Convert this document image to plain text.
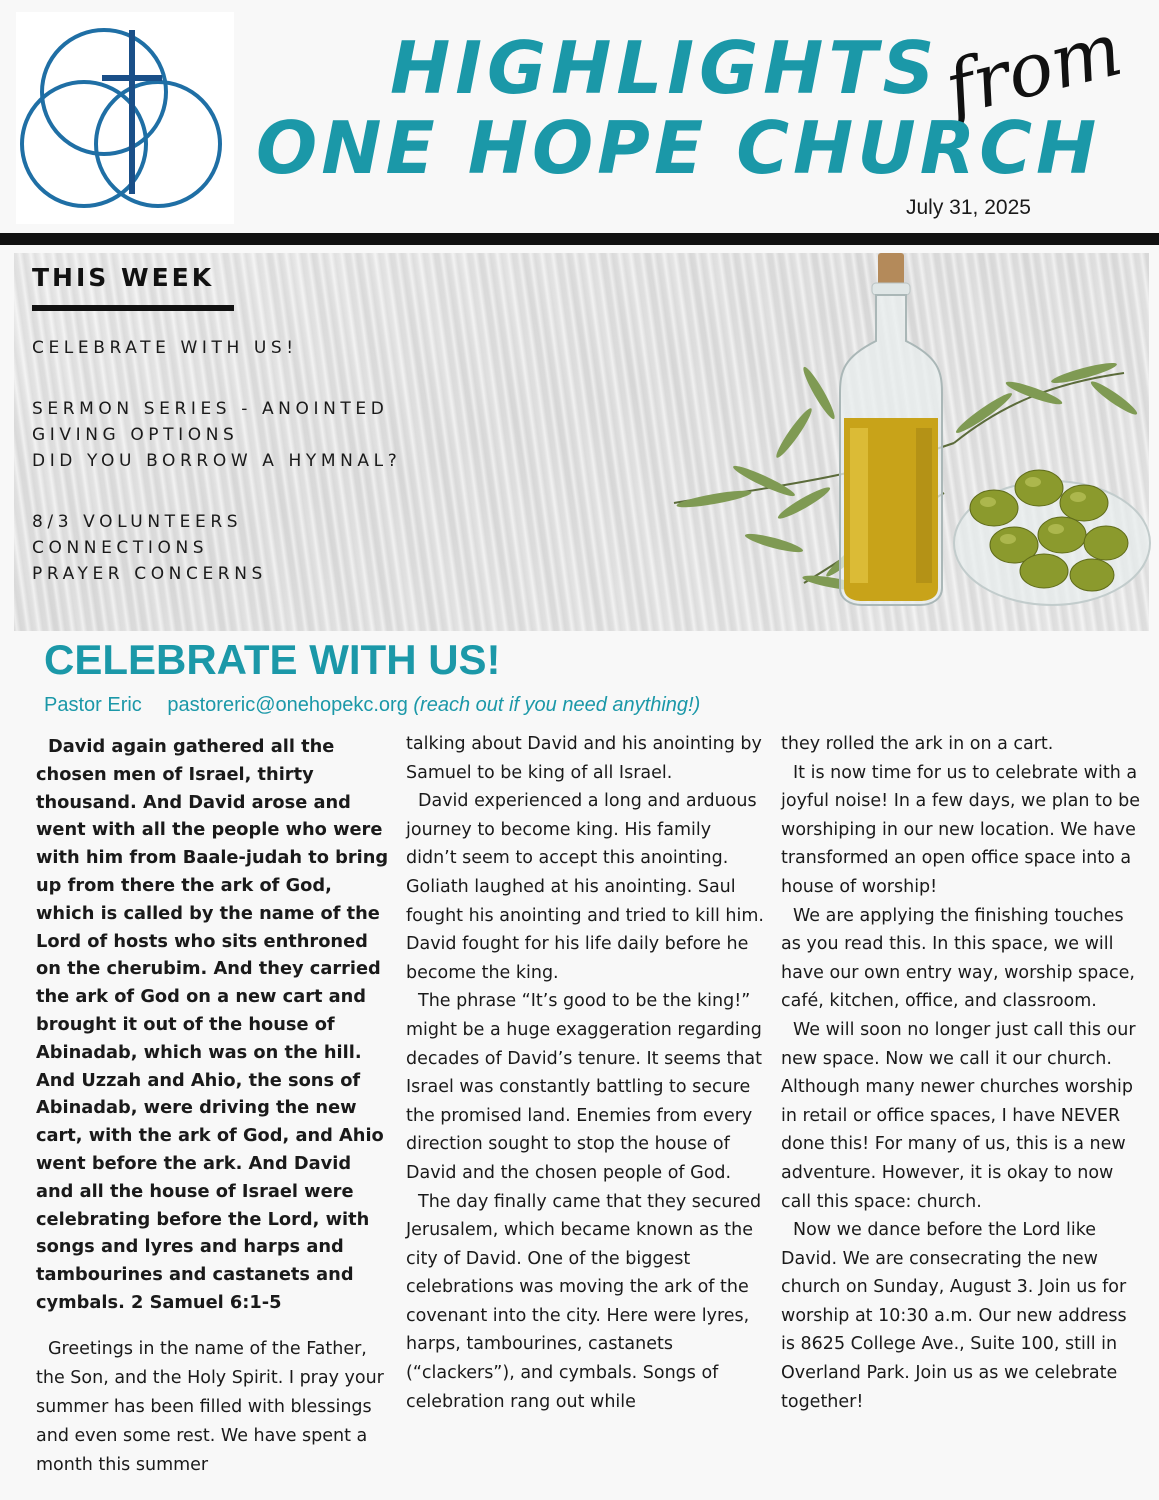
HIGHLIGHTS
from
ONE HOPE CHURCH
July 31, 2025
THIS WEEK
CELEBRATE WITH US!
SERMON SERIES - ANOINTED
GIVING OPTIONS
DID YOU BORROW A HYMNAL?
8/3 VOLUNTEERS
CONNECTIONS
PRAYER CONCERNS
CELEBRATE WITH US!
Pastor Eric pastoreric@onehopekc.org (reach out if you need anything!)

David again gathered all the chosen men of Israel, thirty thousand. And David arose and went with all the people who were with him from Baale-judah to bring up from there the ark of God, which is called by the name of the Lord of hosts who sits enthroned on the cherubim. And they carried the ark of God on a new cart and brought it out of the house of Abinadab, which was on the hill. And Uzzah and Ahio, the sons of Abinadab, were driving the new cart, with the ark of God, and Ahio went before the ark. And David and all the house of Israel were celebrating before the Lord, with songs and lyres and harps and tambourines and castanets and cymbals. 2 Samuel 6:1-5

Greetings in the name of the Father, the Son, and the Holy Spirit. I pray your summer has been filled with blessings and even some rest. We have spent a month this summer

talking about David and his anointing by Samuel to be king of all Israel.

David experienced a long and arduous journey to become king. His family didn’t seem to accept this anointing. Goliath laughed at his anointing. Saul fought his anointing and tried to kill him. David fought for his life daily before he become the king.

The phrase “It’s good to be the king!” might be a huge exaggeration regarding decades of David’s tenure. It seems that Israel was constantly battling to secure the promised land. Enemies from every direction sought to stop the house of David and the chosen people of God.

The day finally came that they secured Jerusalem, which became known as the city of David. One of the biggest celebrations was moving the ark of the covenant into the city. Here were lyres, harps, tambourines, castanets (“clackers”), and cymbals. Songs of celebration rang out while

they rolled the ark in on a cart.

It is now time for us to celebrate with a joyful noise! In a few days, we plan to be worshiping in our new location. We have transformed an open office space into a house of worship!

We are applying the finishing touches as you read this. In this space, we will have our own entry way, worship space, café, kitchen, office, and classroom.

We will soon no longer just call this our new space. Now we call it our church. Although many newer churches worship in retail or office spaces, I have NEVER done this! For many of us, this is a new adventure. However, it is okay to now call this space: church.

Now we dance before the Lord like David. We are consecrating the new church on Sunday, August 3. Join us for worship at 10:30 a.m. Our new address is 8625 College Ave., Suite 100, still in Overland Park. Join us as we celebrate together!
